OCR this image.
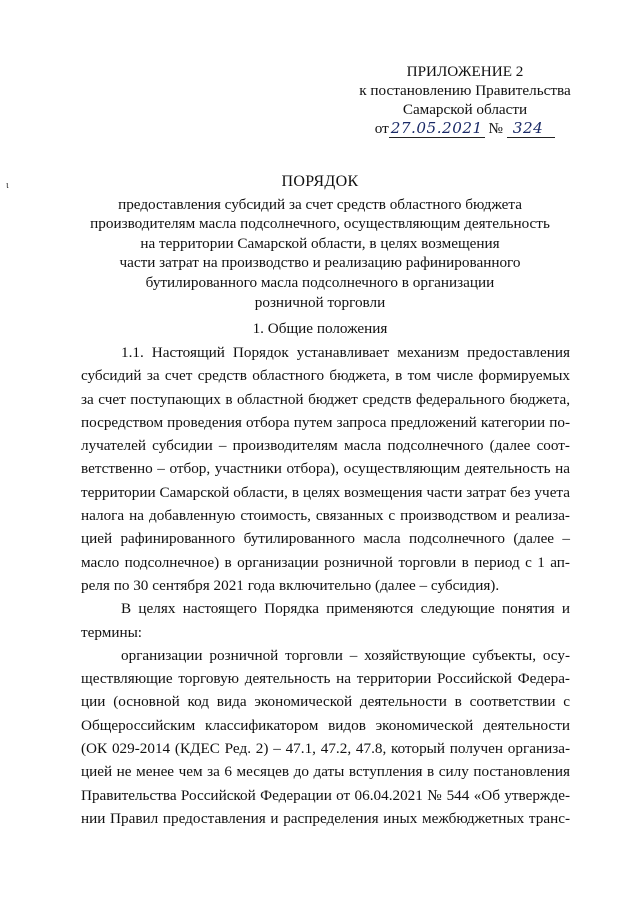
ПРИЛОЖЕНИЕ 2
к постановлению Правительства
Самарской области
от 27.05.2021 № 324
ɩ	ПОРЯДОК
предоставления субсидий за счет средств областного бюджета
производителям масла подсолнечного, осуществляющим деятельность
на территории Самарской области, в целях возмещения
части затрат на производство и реализацию рафинированного
бутилированного масла подсолнечного в организации
розничной торговли
1. Общие положения
1.1. Настоящий Порядок устанавливает механизм предоставления
субсидий за счет средств областного бюджета, в том числе формируемых
за счет поступающих в областной бюджет средств федерального бюджета,
посредством проведения отбора путем запроса предложений категории по-
лучателей субсидии – производителям масла подсолнечного (далее соот-
ветственно – отбор, участники отбора), осуществляющим деятельность на
территории Самарской области, в целях возмещения части затрат без учета
налога на добавленную стоимость, связанных с производством и реализа-
цией рафинированного бутилированного масла подсолнечного (далее –
масло подсолнечное) в организации розничной торговли в период с 1 ап-
реля по 30 сентября 2021 года включительно (далее – субсидия).
В целях настоящего Порядка применяются следующие понятия и
термины:
организации розничной торговли – хозяйствующие субъекты, осу-
ществляющие торговую деятельность на территории Российской Федера-
ции (основной код вида экономической деятельности в соответствии с
Общероссийским классификатором видов экономической деятельности
(ОК 029-2014 (КДЕС Ред. 2) – 47.1, 47.2, 47.8, который получен организа-
цией не менее чем за 6 месяцев до даты вступления в силу постановления
Правительства Российской Федерации от 06.04.2021 № 544 «Об утвержде-
нии Правил предоставления и распределения иных межбюджетных транс-
